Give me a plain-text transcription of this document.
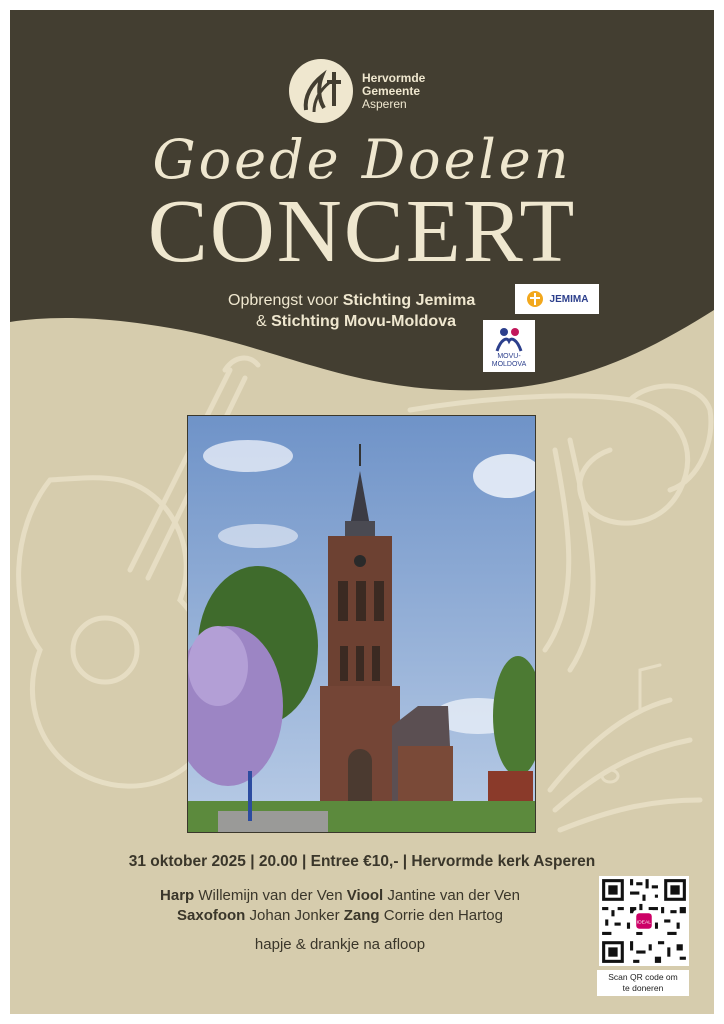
Hervormde
Gemeente
Asperen
Goede Doelen
CONCERT
Opbrengst voor Stichting Jemima
& Stichting Movu-Moldova
JEMIMA
MOVU-
MOLDOVA
31 oktober 2025 | 20.00 | Entree €10,- | Hervormde kerk Asperen
Harp Willemijn van der Ven Viool Jantine van der Ven
Saxofoon Johan Jonker Zang Corrie den Hartog
hapje & drankje na afloop
iDEAL
Scan QR code om
te doneren
